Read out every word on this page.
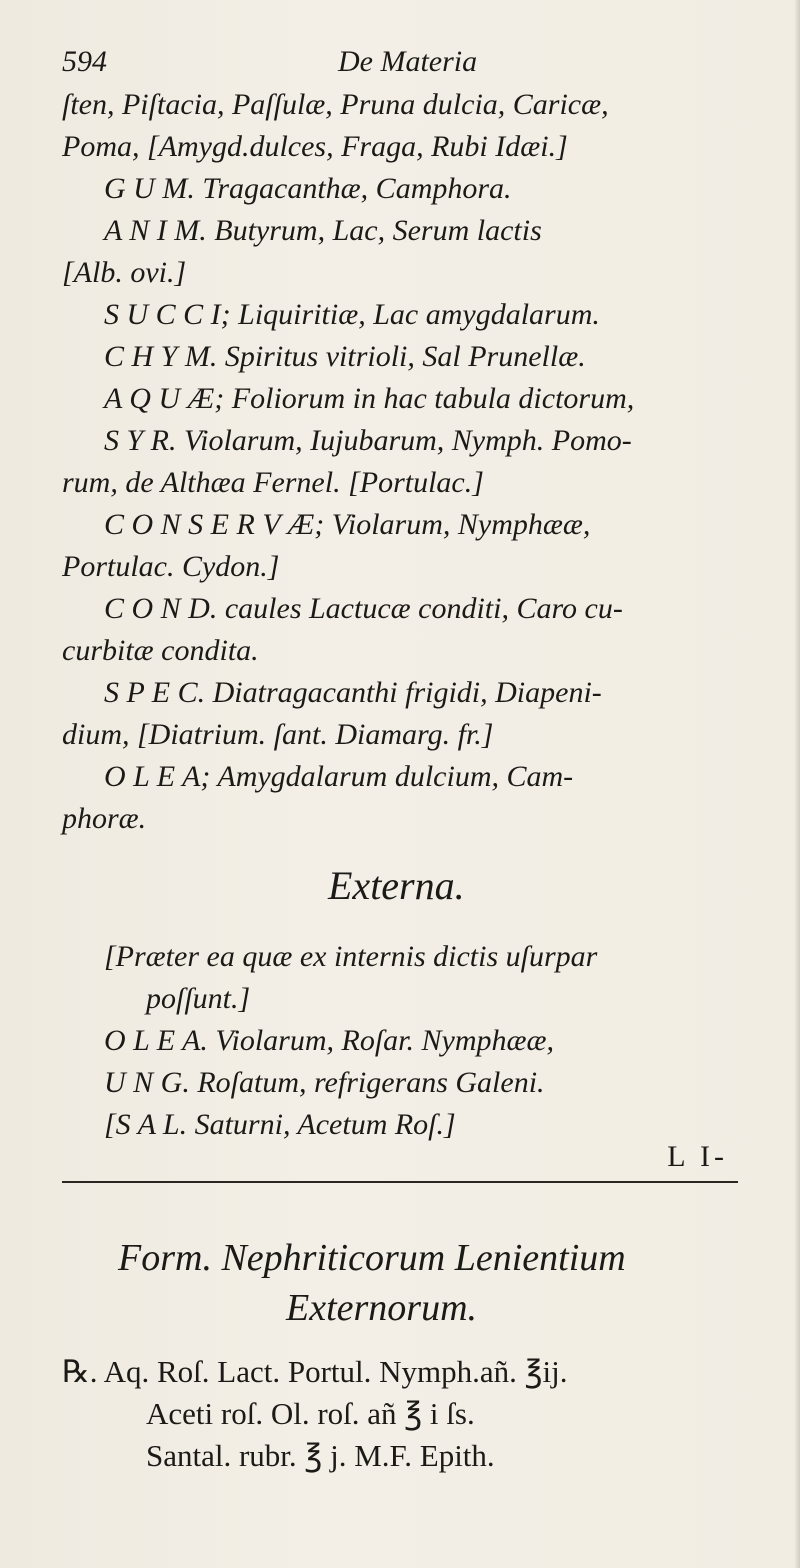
594	De Materia
ſten, Piſtacia, Paſſulæ, Pruna dulcia, Caricæ,
Poma, [Amygd.dulces, Fraga, Rubi Idæi.]
G U M. Tragacanthæ, Camphora.
A N I M. Butyrum, Lac, Serum lactis
[Alb. ovi.]
S U C C I; Liquiritiæ, Lac amygdalarum.
C H Y M. Spiritus vitrioli, Sal Prunellæ.
A Q U Æ; Foliorum in hac tabula dictorum,
S Y R. Violarum, Iujubarum, Nymph. Pomo-
rum, de Althæa Fernel. [Portulac.]
C O N S E R V Æ; Violarum, Nymphææ,
Portulac. Cydon.]
C O N D. caules Lactucæ conditi, Caro cu-
curbitæ condita.
S P E C. Diatragacanthi frigidi, Diapeni-
dium, [Diatrium. ſant. Diamarg. fr.]
O L E A; Amygdalarum dulcium, Cam-
phoræ.
Externa.
[Præter ea quæ ex internis dictis uſurpar
poſſunt.]
O L E A. Violarum, Roſar. Nymphææ,
U N G. Roſatum, refrigerans Galeni.
[S A L. Saturni, Acetum Roſ.]
L I-
Form. Nephriticorum Lenientium
Externorum.
℞. Aq. Roſ. Lact. Portul. Nymph.añ. ℥ij.
Aceti roſ. Ol. roſ. añ ℥ i ſs.
Santal. rubr. ℥ j. M.F. Epith.
